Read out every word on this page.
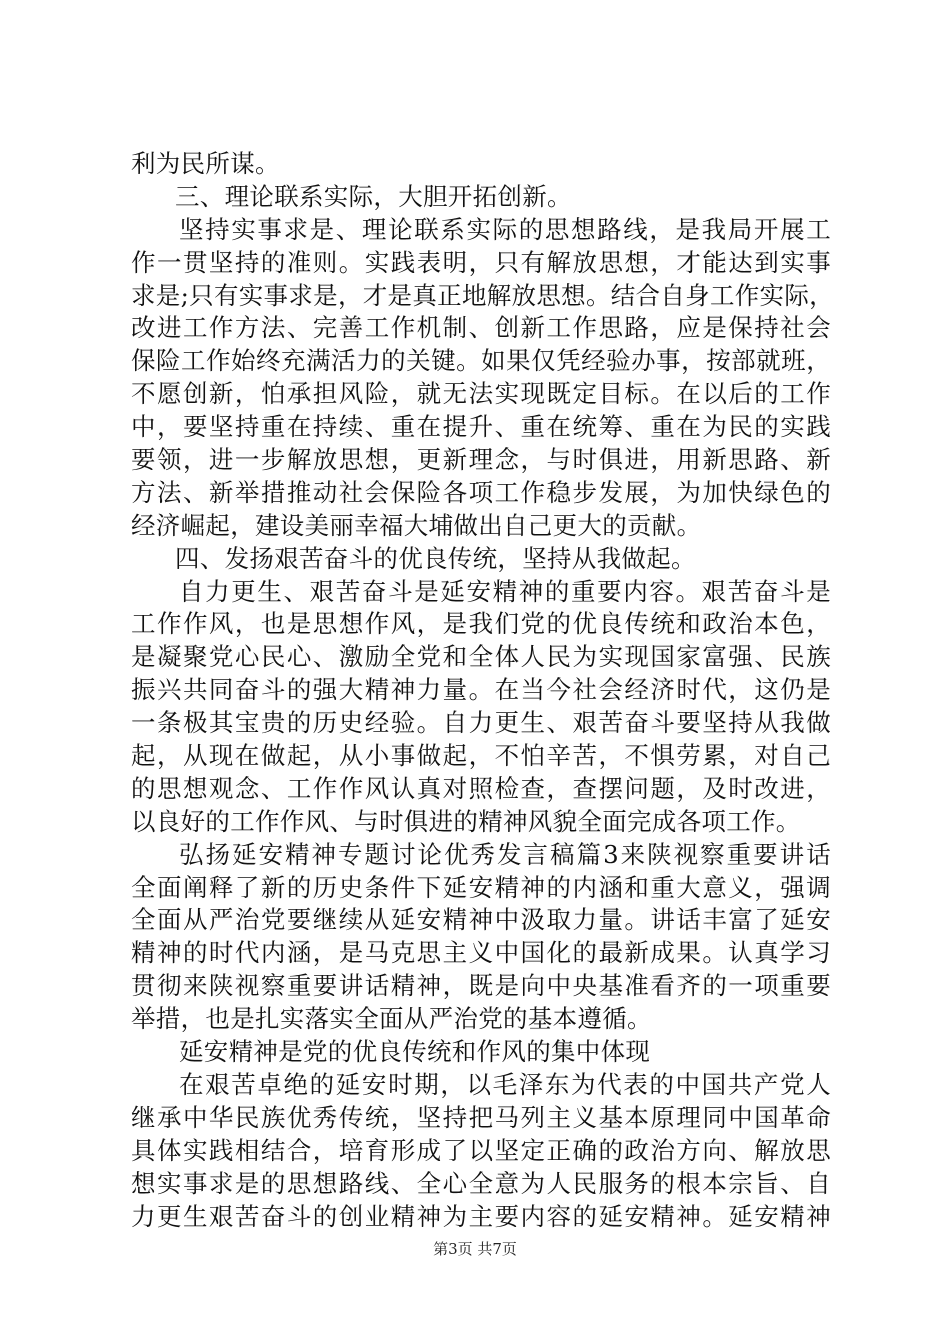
利为民所谋。
三、理论联系实际，大胆开拓创新。
坚持实事求是、理论联系实际的思想路线，是我局开展工
作一贯坚持的准则。实践表明，只有解放思想，才能达到实事
求是;只有实事求是，才是真正地解放思想。结合自身工作实际，
改进工作方法、完善工作机制、创新工作思路，应是保持社会
保险工作始终充满活力的关键。如果仅凭经验办事，按部就班，
不愿创新，怕承担风险，就无法实现既定目标。在以后的工作
中，要坚持重在持续、重在提升、重在统筹、重在为民的实践
要领，进一步解放思想，更新理念，与时俱进，用新思路、新
方法、新举措推动社会保险各项工作稳步发展，为加快绿色的
经济崛起，建设美丽幸福大埔做出自己更大的贡献。
四、发扬艰苦奋斗的优良传统，坚持从我做起。
自力更生、艰苦奋斗是延安精神的重要内容。艰苦奋斗是
工作作风，也是思想作风，是我们党的优良传统和政治本色，
是凝聚党心民心、激励全党和全体人民为实现国家富强、民族
振兴共同奋斗的强大精神力量。在当今社会经济时代，这仍是
一条极其宝贵的历史经验。自力更生、艰苦奋斗要坚持从我做
起，从现在做起，从小事做起，不怕辛苦，不惧劳累，对自己
的思想观念、工作作风认真对照检查，查摆问题，及时改进，
以良好的工作作风、与时俱进的精神风貌全面完成各项工作。
弘扬延安精神专题讨论优秀发言稿篇3来陕视察重要讲话
全面阐释了新的历史条件下延安精神的内涵和重大意义，强调
全面从严治党要继续从延安精神中汲取力量。讲话丰富了延安
精神的时代内涵，是马克思主义中国化的最新成果。认真学习
贯彻来陕视察重要讲话精神，既是向中央基准看齐的一项重要
举措，也是扎实落实全面从严治党的基本遵循。
延安精神是党的优良传统和作风的集中体现
在艰苦卓绝的延安时期，以毛泽东为代表的中国共产党人
继承中华民族优秀传统，坚持把马列主义基本原理同中国革命
具体实践相结合，培育形成了以坚定正确的政治方向、解放思
想实事求是的思想路线、全心全意为人民服务的根本宗旨、自
力更生艰苦奋斗的创业精神为主要内容的延安精神。延安精神
第3页 共7页
